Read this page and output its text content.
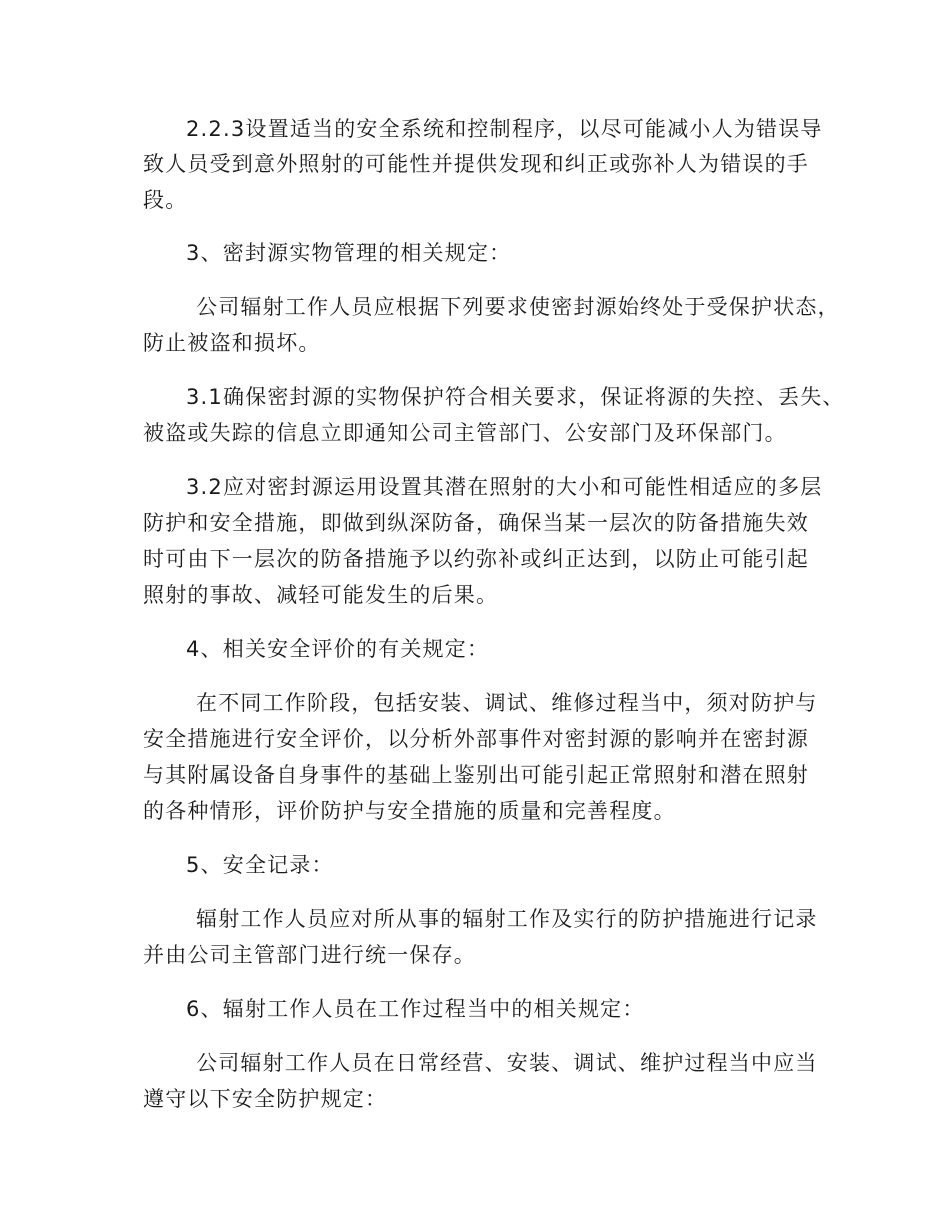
2.2.3设置适当的安全系统和控制程序，以尽可能减小人为错误导
致人员受到意外照射的可能性并提供发现和纠正或弥补人为错误的手
段。
3、密封源实物管理的相关规定：
公司辐射工作人员应根据下列要求使密封源始终处于受保护状态，
防止被盗和损坏。
3.1确保密封源的实物保护符合相关要求，保证将源的失控、丢失、
被盗或失踪的信息立即通知公司主管部门、公安部门及环保部门。
3.2应对密封源运用设置其潜在照射的大小和可能性相适应的多层
防护和安全措施，即做到纵深防备，确保当某一层次的防备措施失效
时可由下一层次的防备措施予以约弥补或纠正达到，以防止可能引起
照射的事故、减轻可能发生的后果。
4、相关安全评价的有关规定：
在不同工作阶段，包括安装、调试、维修过程当中，须对防护与
安全措施进行安全评价，以分析外部事件对密封源的影响并在密封源
与其附属设备自身事件的基础上鉴别出可能引起正常照射和潜在照射
的各种情形，评价防护与安全措施的质量和完善程度。
5、安全记录：
辐射工作人员应对所从事的辐射工作及实行的防护措施进行记录
并由公司主管部门进行统一保存。
6、辐射工作人员在工作过程当中的相关规定：
公司辐射工作人员在日常经营、安装、调试、维护过程当中应当
遵守以下安全防护规定：
